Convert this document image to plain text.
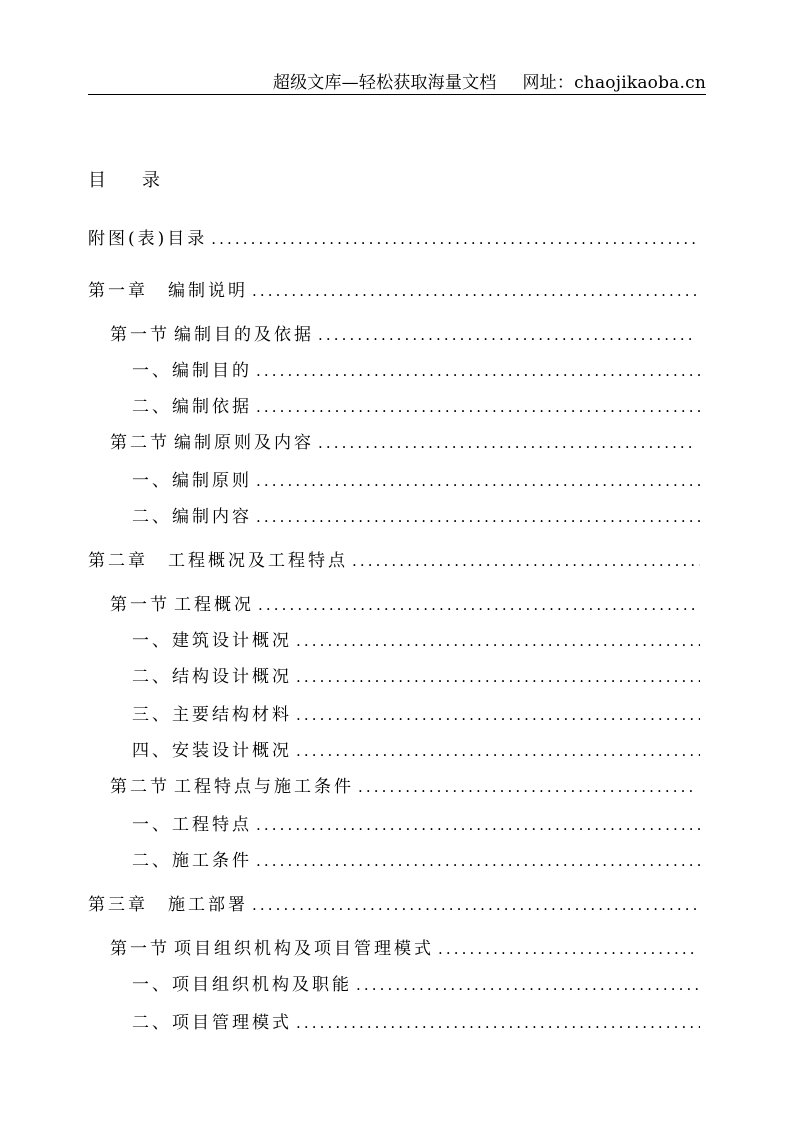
超级文库—轻松获取海量文档 网址：chaojikaoba.cn
目 录
附图(表)目录
.....
第一章 编制说明
.....
第一节 编制目的及依据
.....
一、编制目的
.....
二、编制依据
.....
第二节 编制原则及内容
.....
一、编制原则
.....
二、编制内容
.....
第二章 工程概况及工程特点
.....
第一节 工程概况
.....
一、建筑设计概况
.....
二、结构设计概况
.....
三、主要结构材料
.....
四、安装设计概况
.....
第二节 工程特点与施工条件
.....
一、工程特点
.....
二、施工条件
.....
第三章 施工部署
.....
第一节 项目组织机构及项目管理模式
.....
一、项目组织机构及职能
.....
二、项目管理模式
.....
